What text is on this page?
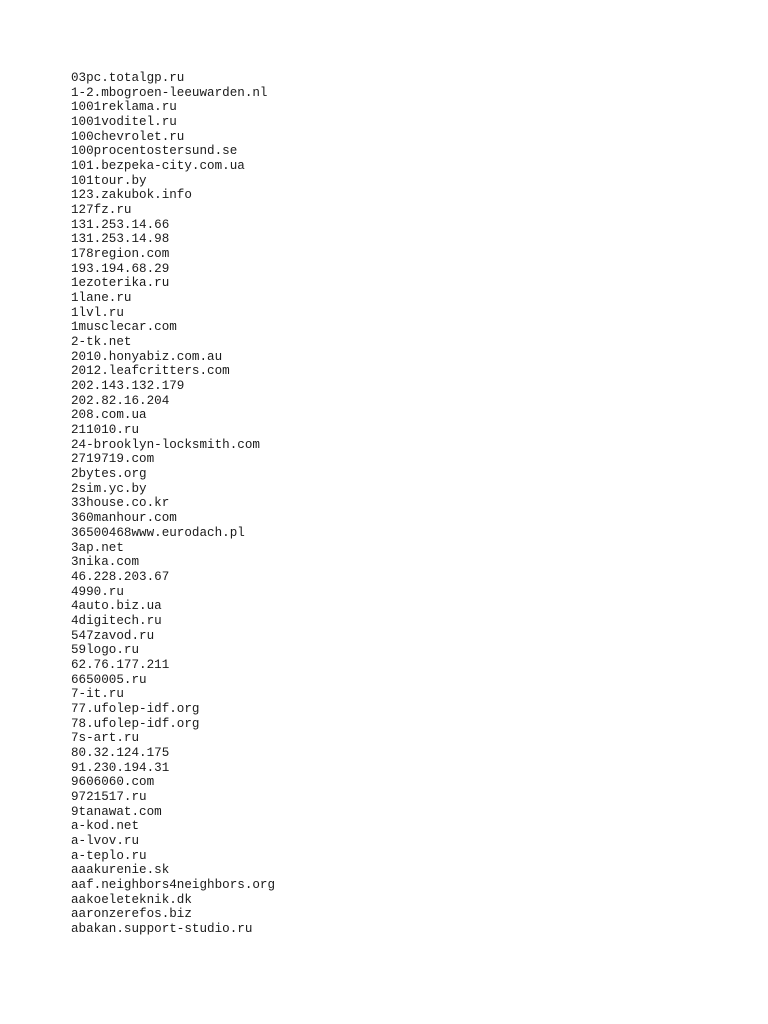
03pc.totalgp.ru
1-2.mbogroen-leeuwarden.nl
1001reklama.ru
1001voditel.ru
100chevrolet.ru
100procentostersund.se
101.bezpeka-city.com.ua
101tour.by
123.zakubok.info
127fz.ru
131.253.14.66
131.253.14.98
178region.com
193.194.68.29
1ezoterika.ru
1lane.ru
1lvl.ru
1musclecar.com
2-tk.net
2010.honyabiz.com.au
2012.leafcritters.com
202.143.132.179
202.82.16.204
208.com.ua
211010.ru
24-brooklyn-locksmith.com
2719719.com
2bytes.org
2sim.yc.by
33house.co.kr
360manhour.com
36500468www.eurodach.pl
3ap.net
3nika.com
46.228.203.67
4990.ru
4auto.biz.ua
4digitech.ru
547zavod.ru
59logo.ru
62.76.177.211
6650005.ru
7-it.ru
77.ufolep-idf.org
78.ufolep-idf.org
7s-art.ru
80.32.124.175
91.230.194.31
9606060.com
9721517.ru
9tanawat.com
a-kod.net
a-lvov.ru
a-teplo.ru
aaakurenie.sk
aaf.neighbors4neighbors.org
aakoeleteknik.dk
aaronzerefos.biz
abakan.support-studio.ru
